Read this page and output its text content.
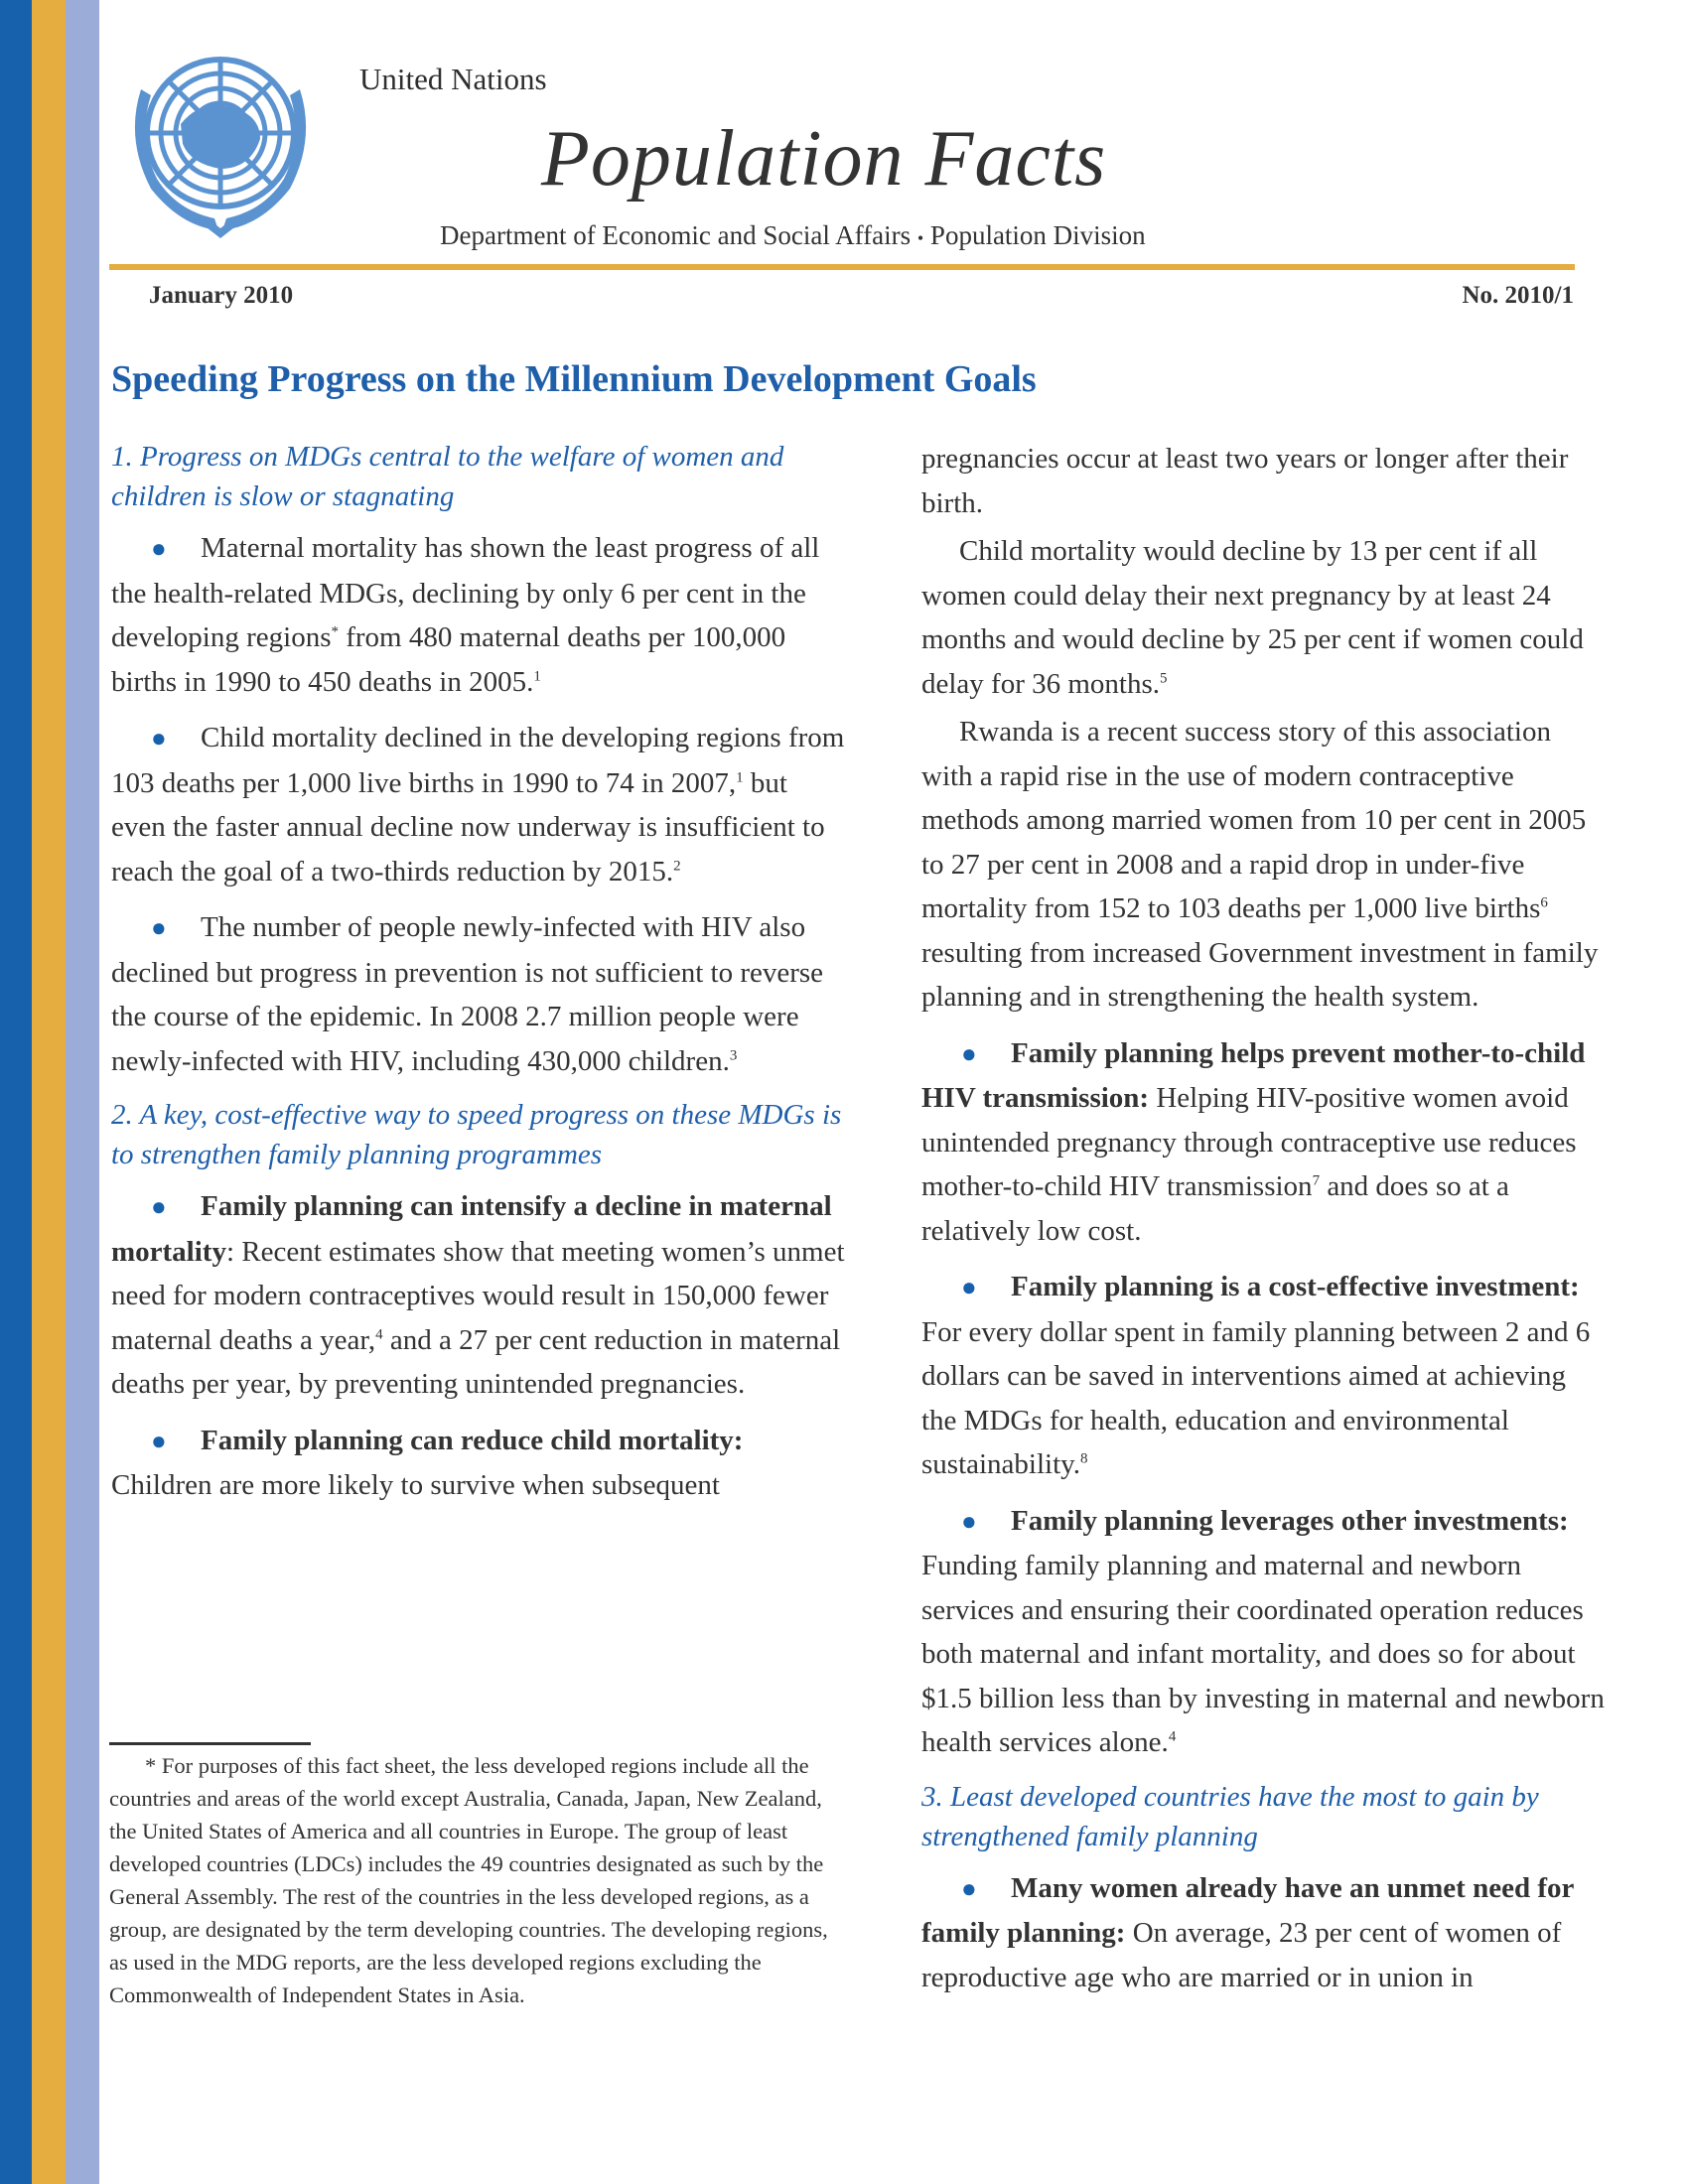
United Nations
Population Facts
Department of Economic and Social Affairs • Population Division
January 2010	No. 2010/1
Speeding Progress on the Millennium Development Goals

1. Progress on MDGs central to the welfare of women and children is slow or stagnating

● Maternal mortality has shown the least progress of all the health-related MDGs, declining by only 6 per cent in the developing regions* from 480 maternal deaths per 100,000 births in 1990 to 450 deaths in 2005.$^1$

● Child mortality declined in the developing regions from 103 deaths per 1,000 live births in 1990 to 74 in 2007,$^1$ but even the faster annual decline now underway is insufficient to reach the goal of a two-thirds reduction by 2015.$^2$

● The number of people newly-infected with HIV also declined but progress in prevention is not sufficient to reverse the course of the epidemic. In 2008 2.7 million people were newly-infected with HIV, including 430,000 children.$^3$

2. A key, cost-effective way to speed progress on these MDGs is to strengthen family planning programmes

● Family planning can intensify a decline in maternal mortality: Recent estimates show that meeting women’s unmet need for modern contraceptives would result in 150,000 fewer maternal deaths a year,$^4$ and a 27 per cent reduction in maternal deaths per year, by preventing unintended pregnancies.

● Family planning can reduce child mortality: Children are more likely to survive when subsequent

* For purposes of this fact sheet, the less developed regions include all the countries and areas of the world except Australia, Canada, Japan, New Zealand, the United States of America and all countries in Europe. The group of least developed countries (LDCs) includes the 49 countries designated as such by the General Assembly. The rest of the countries in the less developed regions, as a group, are designated by the term developing countries. The developing regions, as used in the MDG reports, are the less developed regions excluding the Commonwealth of Independent States in Asia.

pregnancies occur at least two years or longer after their birth.

Child mortality would decline by 13 per cent if all women could delay their next pregnancy by at least 24 months and would decline by 25 per cent if women could delay for 36 months.$^5$

Rwanda is a recent success story of this association with a rapid rise in the use of modern contraceptive methods among married women from 10 per cent in 2005 to 27 per cent in 2008 and a rapid drop in under-five mortality from 152 to 103 deaths per 1,000 live births$^6$ resulting from increased Government investment in family planning and in strengthening the health system.

● Family planning helps prevent mother-to-child HIV transmission: Helping HIV-positive women avoid unintended pregnancy through contraceptive use reduces mother-to-child HIV transmission$^7$ and does so at a relatively low cost.

● Family planning is a cost-effective investment: For every dollar spent in family planning between 2 and 6 dollars can be saved in interventions aimed at achieving the MDGs for health, education and environmental sustainability.$^8$

● Family planning leverages other investments: Funding family planning and maternal and newborn services and ensuring their coordinated operation reduces both maternal and infant mortality, and does so for about $1.5 billion less than by investing in maternal and newborn health services alone.$^4$

3. Least developed countries have the most to gain by strengthened family planning

● Many women already have an unmet need for family planning: On average, 23 per cent of women of reproductive age who are married or in union in
